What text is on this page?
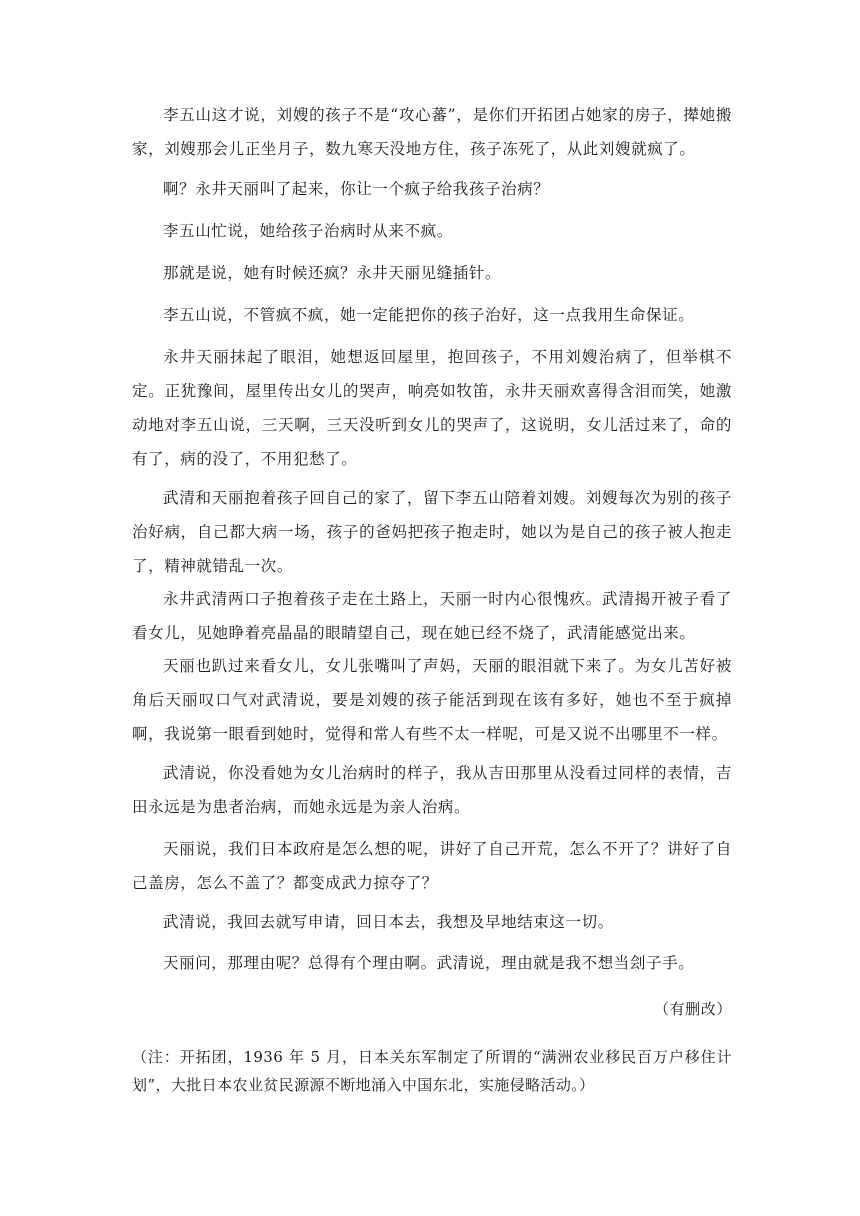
李五山这才说，刘嫂的孩子不是“攻心蕃”，是你们开拓团占她家的房子，撵她搬家，刘嫂那会儿正坐月子，数九寒天没地方住，孩子冻死了，从此刘嫂就疯了。

啊？永井天丽叫了起来，你让一个疯子给我孩子治病？

李五山忙说，她给孩子治病时从来不疯。

那就是说，她有时候还疯？永井天丽见缝插针。

李五山说，不管疯不疯，她一定能把你的孩子治好，这一点我用生命保证。

永井天丽抹起了眼泪，她想返回屋里，抱回孩子，不用刘嫂治病了，但举棋不定。正犹豫间，屋里传出女儿的哭声，响亮如牧笛，永井天丽欢喜得含泪而笑，她激动地对李五山说，三天啊，三天没听到女儿的哭声了，这说明，女儿活过来了，命的有了，病的没了，不用犯愁了。

武清和天丽抱着孩子回自己的家了，留下李五山陪着刘嫂。刘嫂每次为别的孩子治好病，自己都大病一场，孩子的爸妈把孩子抱走时，她以为是自己的孩子被人抱走了，精神就错乱一次。

永井武清两口子抱着孩子走在土路上，天丽一时内心很愧疚。武清揭开被子看了看女儿，见她睁着亮晶晶的眼睛望自己，现在她已经不烧了，武清能感觉出来。

天丽也趴过来看女儿，女儿张嘴叫了声妈，天丽的眼泪就下来了。为女儿苫好被角后天丽叹口气对武清说，要是刘嫂的孩子能活到现在该有多好，她也不至于疯掉啊，我说第一眼看到她时，觉得和常人有些不太一样呢，可是又说不出哪里不一样。

武清说，你没看她为女儿治病时的样子，我从吉田那里从没看过同样的表情，吉田永远是为患者治病，而她永远是为亲人治病。

天丽说，我们日本政府是怎么想的呢，讲好了自己开荒，怎么不开了？讲好了自己盖房，怎么不盖了？都变成武力掠夺了？

武清说，我回去就写申请，回日本去，我想及早地结束这一切。

天丽问，那理由呢？总得有个理由啊。武清说，理由就是我不想当刽子手。

（有删改）

（注：开拓团，1936 年 5 月，日本关东军制定了所谓的“满洲农业移民百万户移住计划”，大批日本农业贫民源源不断地涌入中国东北，实施侵略活动。）
